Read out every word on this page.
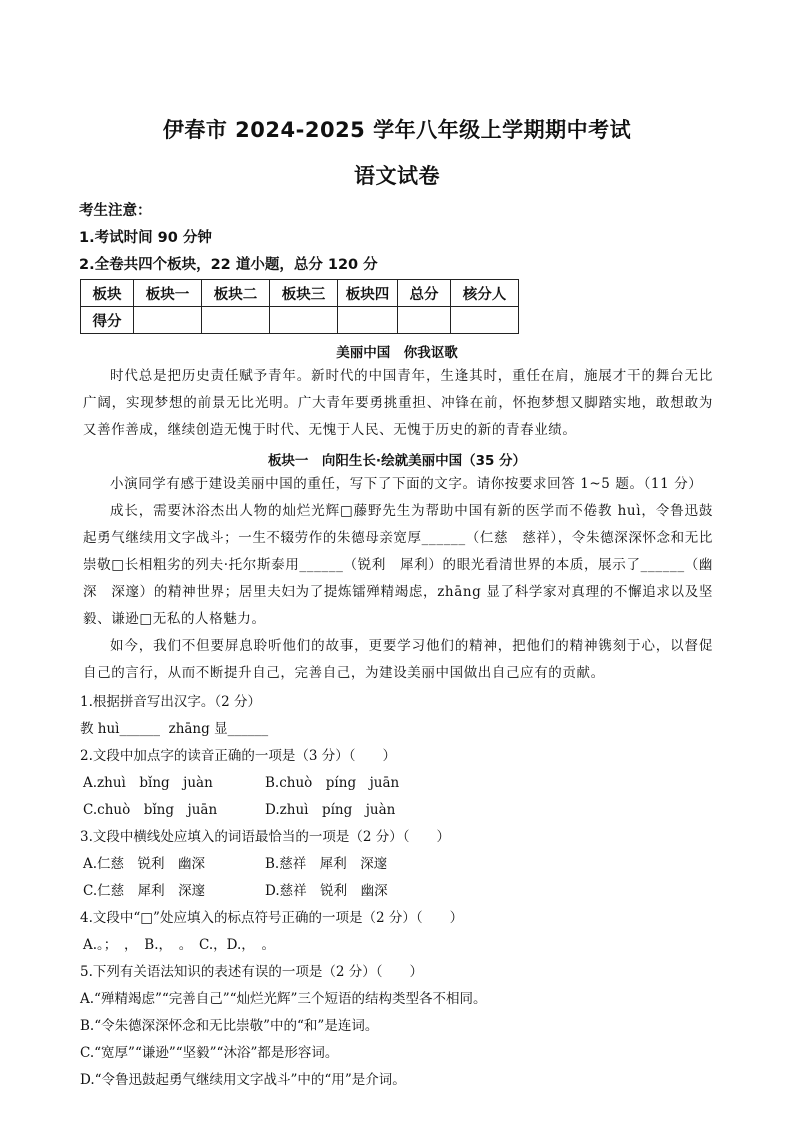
伊春市 2024-2025 学年八年级上学期期中考试
语文试卷
考生注意：
1.考试时间 90 分钟
2.全卷共四个板块，22 道小题，总分 120 分
板块	板块一	板块二	板块三	板块四	总分	核分人
得分						
美丽中国　你我讴歌
时代总是把历史责任赋予青年。新时代的中国青年，生逢其时，重任在肩，施展才干的舞台无比广阔，实现梦想的前景无比光明。广大青年要勇挑重担、冲锋在前，怀抱梦想又脚踏实地，敢想敢为又善作善成，继续创造无愧于时代、无愧于人民、无愧于历史的新的青春业绩。
板块一　向阳生长·绘就美丽中国（35 分）
小演同学有感于建设美丽中国的重任，写下了下面的文字。请你按要求回答 1~5 题。（11 分）
成长，需要沐浴杰出人物的灿烂光辉□藤野先生为帮助中国有新的医学而不倦教 huì，令鲁迅鼓起勇气继续用文字战斗；一生不辍劳作的朱德母亲宽厚______（仁慈　慈祥），令朱德深深怀念和无比崇敬□长相粗劣的列夫·托尔斯泰用______（锐利　犀利）的眼光看清世界的本质，展示了______（幽深　深邃）的精神世界；居里夫妇为了提炼镭殚精竭虑，zhāng 显了科学家对真理的不懈追求以及坚毅、谦逊□无私的人格魅力。
如今，我们不但要屏息聆听他们的故事，更要学习他们的精神，把他们的精神镌刻于心，以督促自己的言行，从而不断提升自己，完善自己，为建设美丽中国做出自己应有的贡献。
1.根据拼音写出汉字。（2 分）
教 huì______  zhāng 显______
2.文段中加点字的读音正确的一项是（3 分）（　　）
A.zhuì　bǐng　juàn	B.chuò　píng　juān
C.chuò　bǐng　juān	D.zhuì　píng　juàn
3.文段中横线处应填入的词语最恰当的一项是（2 分）（　　）
A.仁慈　锐利　幽深	B.慈祥　犀利　深邃
C.仁慈　犀利　深邃	D.慈祥　锐利　幽深
4.文段中“□”处应填入的标点符号正确的一项是（2 分）（　　）
A.。；　，　B.，　。　C.，D.，　。
5.下列有关语法知识的表述有误的一项是（2 分）（　　）
A.“殚精竭虑”“完善自己”“灿烂光辉”三个短语的结构类型各不相同。
B.“令朱德深深怀念和无比崇敬”中的“和”是连词。
C.“宽厚”“谦逊”“坚毅”“沐浴”都是形容词。
D.“令鲁迅鼓起勇气继续用文字战斗”中的“用”是介词。
